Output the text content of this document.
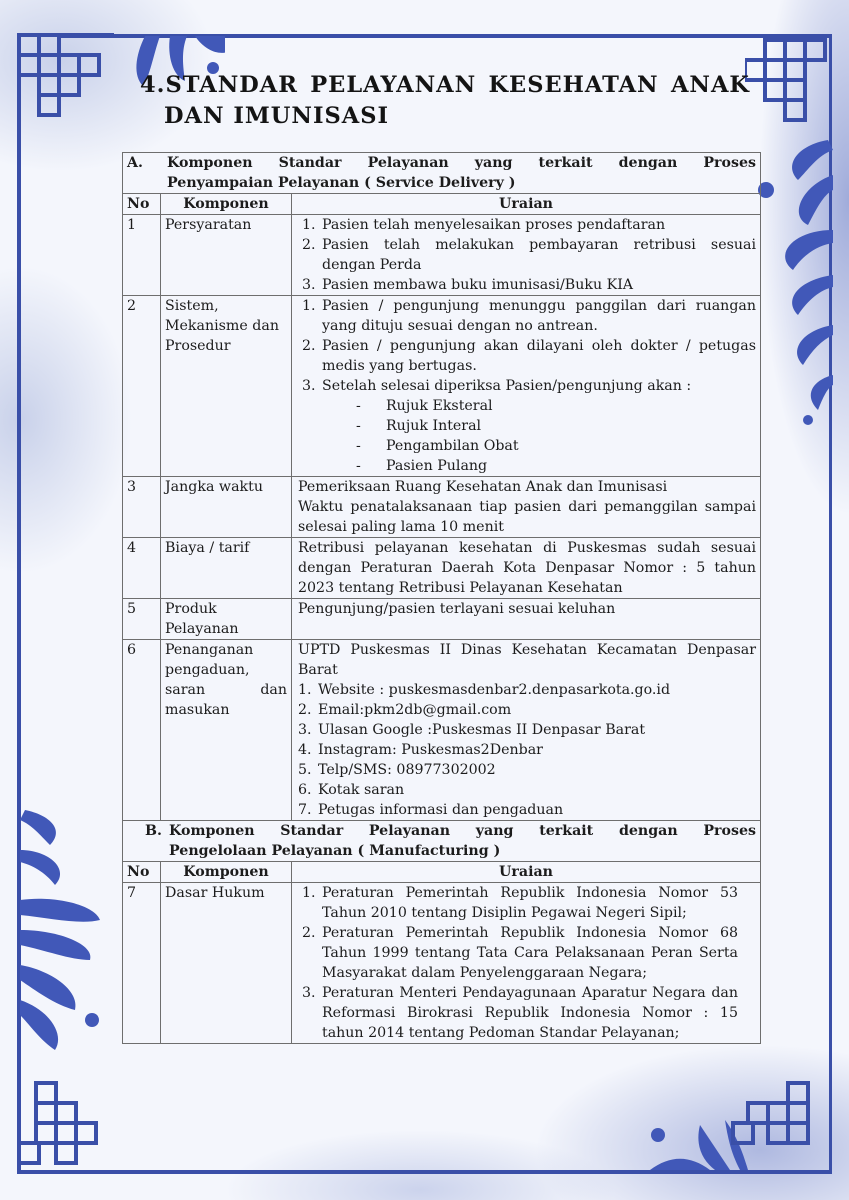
4.STANDAR PELAYANAN KESEHATAN ANAK
DAN IMUNISASI
A. Komponen Standar Pelayanan yang terkait dengan Proses
Penyampaian Pelayanan ( Service Delivery )		

No	Komponen	Uraian
1	Persyaratan	1. Pasien telah menyelesaikan proses pendaftaran
2. Pasien telah melakukan pembayaran retribusi sesuai dengan Perda
3. Pasien membawa buku imunisasi/Buku KIA

2	Sistem, Mekanisme dan Prosedur	
1. Pasien / pengunjung menunggu panggilan dari ruangan yang dituju sesuai dengan no antrean.
2. Pasien / pengunjung akan dilayani oleh dokter / petugas medis yang bertugas.
3. Setelah selesai diperiksa Pasien/pengunjung akan :
-	Rujuk Eksteral
-	Rujuk Interal
-	Pengambilan Obat
-	Pasien Pulang

3	Jangka waktu	Pemeriksaan Ruang Kesehatan Anak dan Imunisasi
Waktu penatalaksanaan tiap pasien dari pemanggilan sampai selesai paling lama 10 menit

4	Biaya / tarif	Retribusi pelayanan kesehatan di Puskesmas sudah sesuai dengan Peraturan Daerah Kota Denpasar Nomor : 5 tahun 2023 tentang Retribusi Pelayanan Kesehatan
5	Produk Pelayanan	Pengunjung/pasien terlayani sesuai keluhan
6	Penanganan pengaduan, saran dan masukan	
UPTD Puskesmas II Dinas Kesehatan Kecamatan Denpasar Barat
1. Website : puskesmasdenbar2.denpasarkota.go.id
2. Email:pkm2db@gmail.com
3. Ulasan Google :Puskesmas II Denpasar Barat
4. Instagram: Puskesmas2Denbar
5. Telp/SMS: 08977302002
6. Kotak saran
7. Petugas informasi dan pengaduan

B. Komponen Standar Pelayanan yang terkait dengan Proses
Pengelolaan Pelayanan ( Manufacturing )		

No	Komponen	Uraian
7	Dasar Hukum	1. Peraturan Pemerintah Republik Indonesia Nomor 53 Tahun 2010 tentang Disiplin Pegawai Negeri Sipil;
2. Peraturan Pemerintah Republik Indonesia Nomor 68 Tahun 1999 tentang Tata Cara Pelaksanaan Peran Serta Masyarakat dalam Penyelenggaraan Negara;
3. Peraturan Menteri Pendayagunaan Aparatur Negara dan Reformasi Birokrasi Republik Indonesia Nomor : 15 tahun 2014 tentang Pedoman Standar Pelayanan;
